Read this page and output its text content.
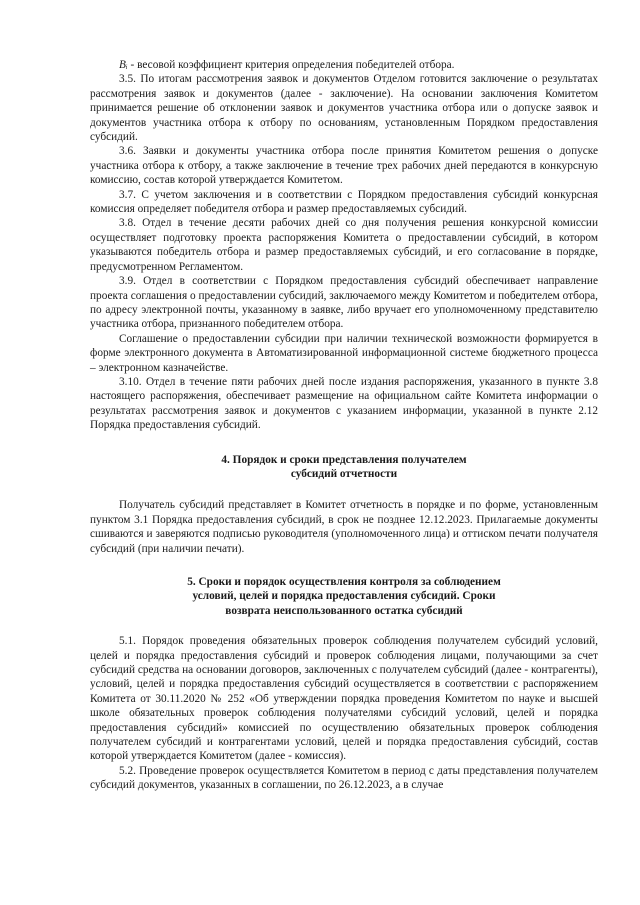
Bᵢ - весовой коэффициент критерия определения победителей отбора.

3.5. По итогам рассмотрения заявок и документов Отделом готовится заключение о результатах рассмотрения заявок и документов (далее - заключение). На основании заключения Комитетом принимается решение об отклонении заявок и документов участника отбора или о допуске заявок и документов участника отбора к отбору по основаниям, установленным Порядком предоставления субсидий.

3.6. Заявки и документы участника отбора после принятия Комитетом решения о допуске участника отбора к отбору, а также заключение в течение трех рабочих дней передаются в конкурсную комиссию, состав которой утверждается Комитетом.

3.7. С учетом заключения и в соответствии с Порядком предоставления субсидий конкурсная комиссия определяет победителя отбора и размер предоставляемых субсидий.

3.8. Отдел в течение десяти рабочих дней со дня получения решения конкурсной комиссии осуществляет подготовку проекта распоряжения Комитета о предоставлении субсидий, в котором указываются победитель отбора и размер предоставляемых субсидий, и его согласование в порядке, предусмотренном Регламентом.

3.9. Отдел в соответствии с Порядком предоставления субсидий обеспечивает направление проекта соглашения о предоставлении субсидий, заключаемого между Комитетом и победителем отбора, по адресу электронной почты, указанному в заявке, либо вручает его уполномоченному представителю участника отбора, признанного победителем отбора.

Соглашение о предоставлении субсидии при наличии технической возможности формируется в форме электронного документа в Автоматизированной информационной системе бюджетного процесса – электронном казначействе.

3.10. Отдел в течение пяти рабочих дней после издания распоряжения, указанного в пункте 3.8 настоящего распоряжения, обеспечивает размещение на официальном сайте Комитета информации о результатах рассмотрения заявок и документов с указанием информации, указанной в пункте 2.12 Порядка предоставления субсидий.

4. Порядок и сроки представления получателем
субсидий отчетности

Получатель субсидий представляет в Комитет отчетность в порядке и по форме, установленным пунктом 3.1 Порядка предоставления субсидий, в срок не позднее 12.12.2023. Прилагаемые документы сшиваются и заверяются подписью руководителя (уполномоченного лица) и оттиском печати получателя субсидий (при наличии печати).

5. Сроки и порядок осуществления контроля за соблюдением
условий, целей и порядка предоставления субсидий. Сроки
возврата неиспользованного остатка субсидий

5.1. Порядок проведения обязательных проверок соблюдения получателем субсидий условий, целей и порядка предоставления субсидий и проверок соблюдения лицами, получающими за счет субсидий средства на основании договоров, заключенных с получателем субсидий (далее - контрагенты), условий, целей и порядка предоставления субсидий осуществляется в соответствии с распоряжением Комитета от 30.11.2020 № 252 «Об утверждении порядка проведения Комитетом по науке и высшей школе обязательных проверок соблюдения получателями субсидий условий, целей и порядка предоставления субсидий» комиссией по осуществлению обязательных проверок соблюдения получателем субсидий и контрагентами условий, целей и порядка предоставления субсидий, состав которой утверждается Комитетом (далее - комиссия).

5.2. Проведение проверок осуществляется Комитетом в период с даты представления получателем субсидий документов, указанных в соглашении, по 26.12.2023, а в случае
